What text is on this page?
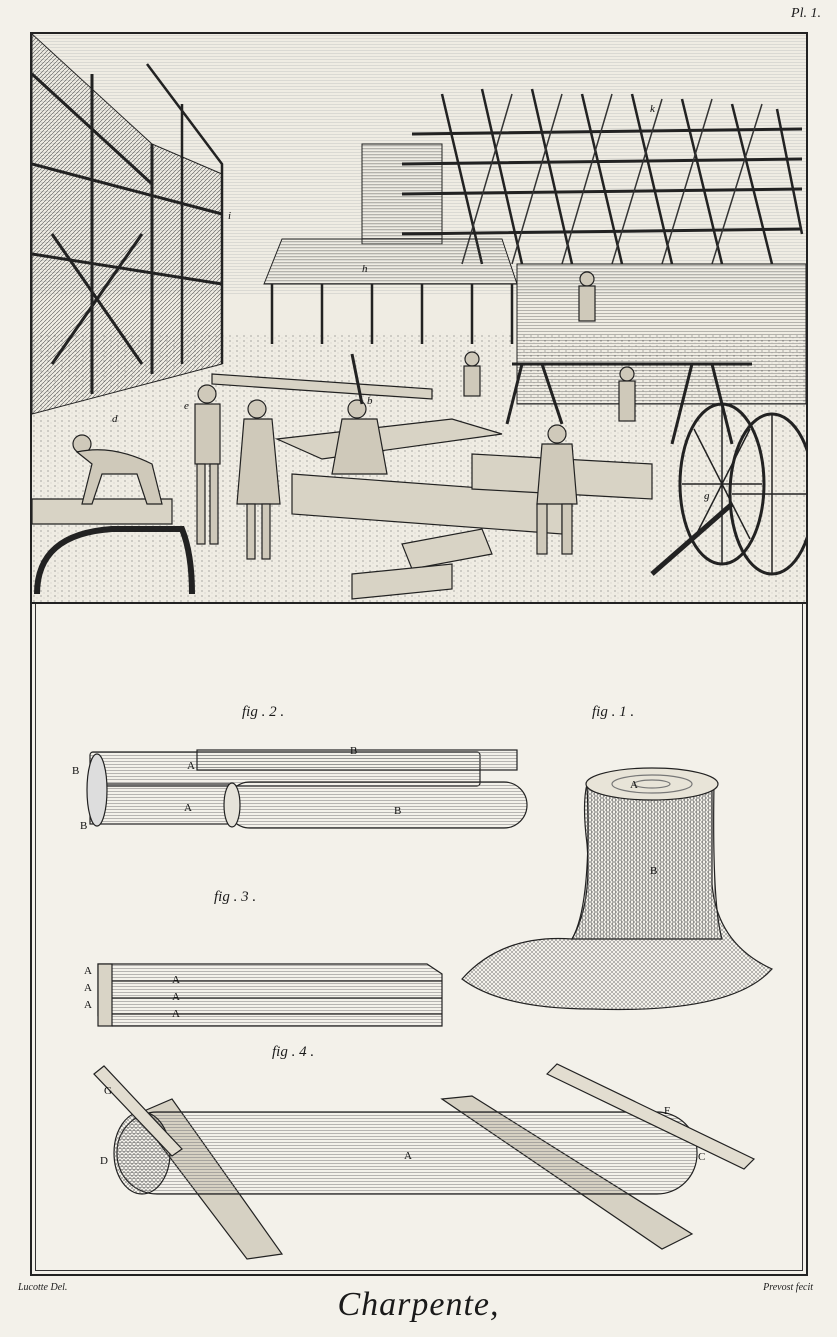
Pl. 1.
k
i
h
d
e	b
g
fig . 2 .	fig . 1 .
fig . 3 .
fig . 4 .
B
A
B
A	B
B
A
B
A
A
A
A
A
A
G
D	A
F
C
Lucotte Del.	Prevost fecit
Charpente,
